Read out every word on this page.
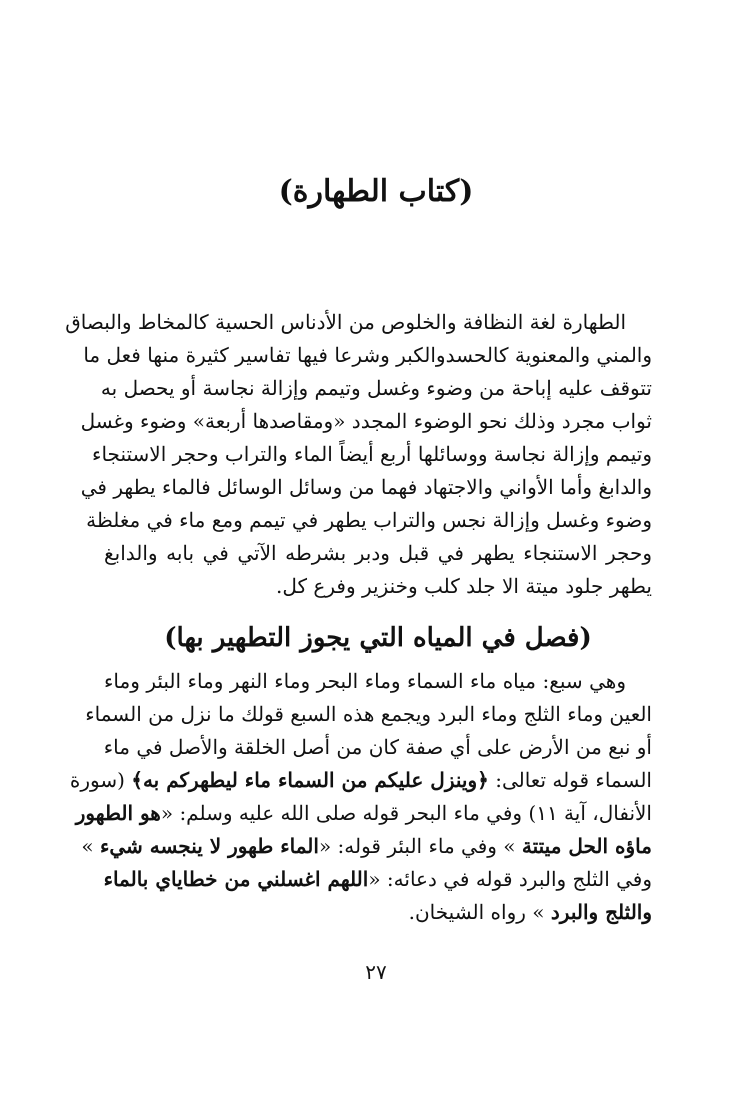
(كتاب الطهارة)
الطهارة لغة النظافة والخلوص من الأدناس الحسية كالمخاط والبصاق
والمني والمعنوية كالحسدوالكبر وشرعا فيها تفاسير كثيرة منها فعل ما
تتوقف عليه إباحة من وضوء وغسل وتيمم وإزالة نجاسة أو يحصل به
ثواب مجرد وذلك نحو الوضوء المجدد «ومقاصدها أربعة» وضوء وغسل
وتيمم وإزالة نجاسة ووسائلها أربع أيضاً الماء والتراب وحجر الاستنجاء
والدابغ وأما الأواني والاجتهاد فهما من وسائل الوسائل فالماء يطهر في
وضوء وغسل وإزالة نجس والتراب يطهر في تيمم ومع ماء في مغلظة
وحجر الاستنجاء يطهر في قبل ودبر بشرطه الآتي في بابه والدابغ
يطهر جلود ميتة الا جلد كلب وخنزير وفرع كل.
(فصل في المياه التي يجوز التطهير بها)
وهي سبع: مياه ماء السماء وماء البحر وماء النهر وماء البئر وماء
العين وماء الثلج وماء البرد ويجمع هذه السبع قولك ما نزل من السماء
أو نبع من الأرض على أي صفة كان من أصل الخلقة والأصل في ماء
السماء قوله تعالى: ﴿وينزل عليكم من السماء ماء ليطهركم به﴾ (سورة
الأنفال، آية ١١) وفي ماء البحر قوله صلى الله عليه وسلم: «هو الطهور
ماؤه الحل ميتتة » وفي ماء البئر قوله: «الماء طهور لا ينجسه شيء »
وفي الثلج والبرد قوله في دعائه: «اللهم اغسلني من خطاياي بالماء
والثلج والبرد » رواه الشيخان.
٢٧
